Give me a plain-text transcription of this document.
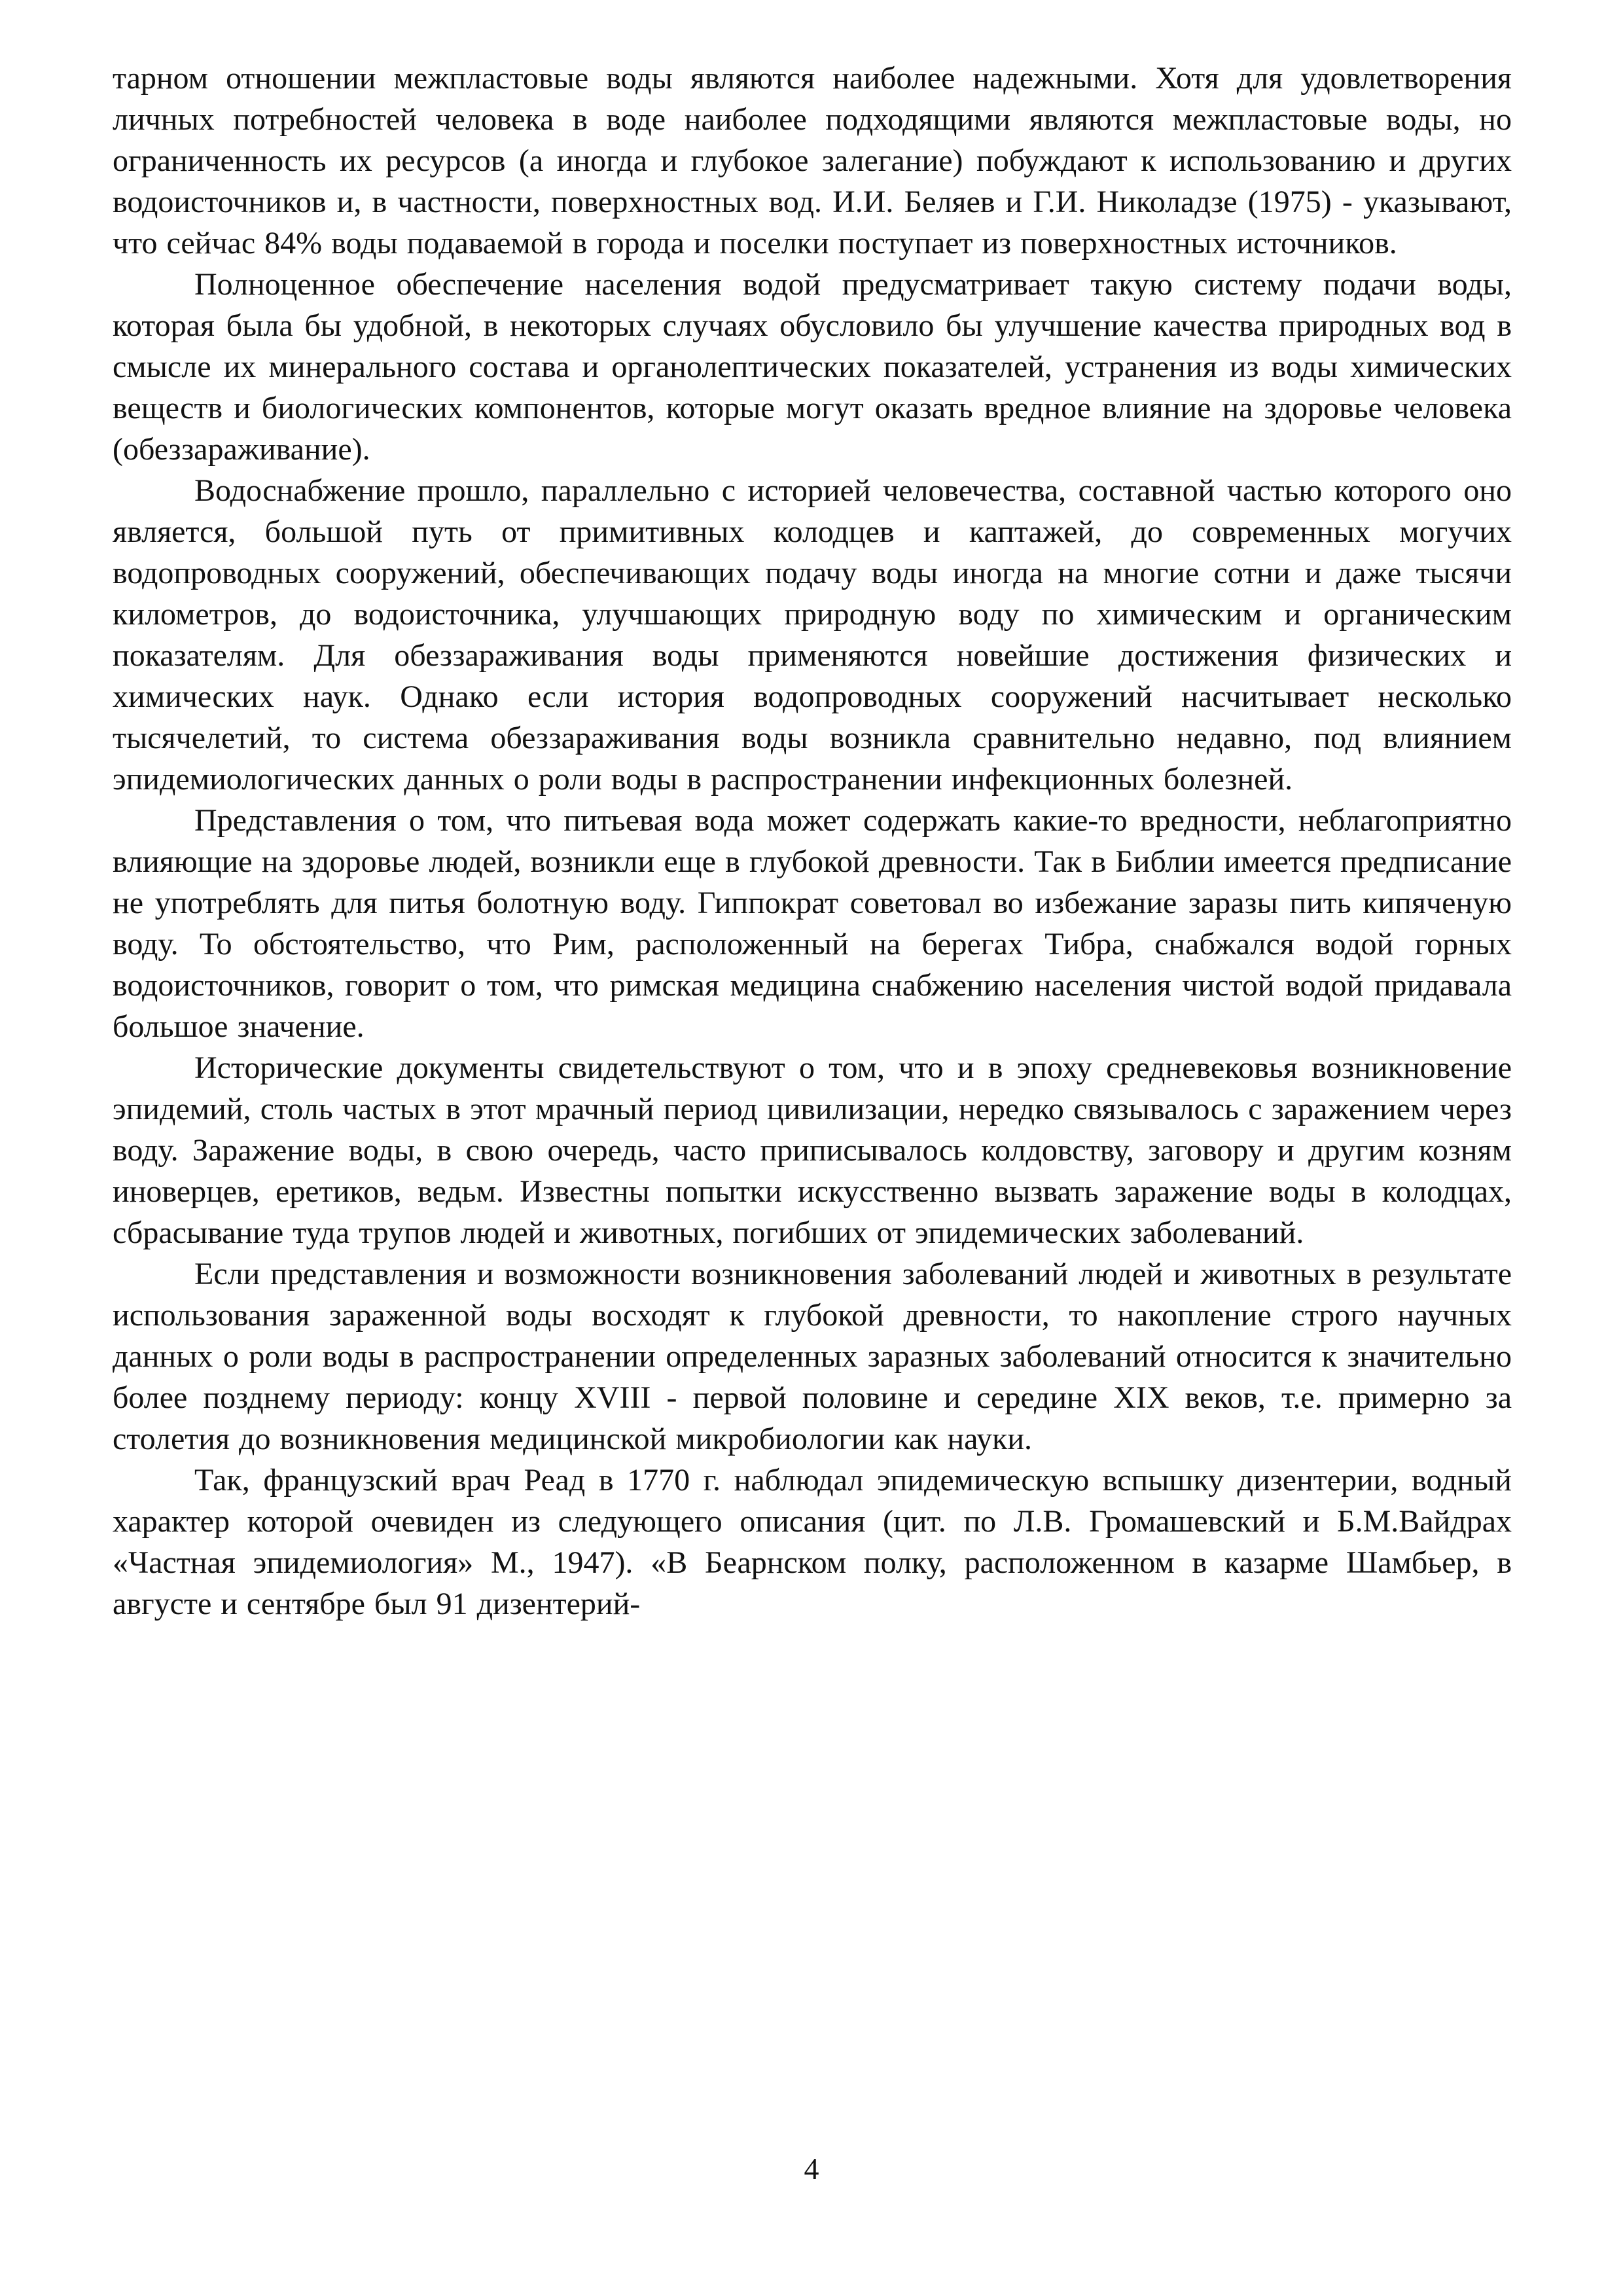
тарном отношении межпластовые воды являются наиболее надежными. Хотя для удовлетворения личных потребностей человека в воде наиболее подходящими являются межпластовые воды, но ограниченность их ресурсов (а иногда и глубокое залегание) побуждают к использованию и других водоисточников и, в частности, поверхностных вод. И.И. Беляев и Г.И. Николадзе (1975) - указывают, что сейчас 84% воды подаваемой в города и поселки поступает из поверхностных источников.

Полноценное обеспечение населения водой предусматривает такую систему подачи воды, которая была бы удобной, в некоторых случаях обусловило бы улучшение качества природных вод в смысле их минерального состава и органолептических показателей, устранения из воды химических веществ и биологических компонентов, которые могут оказать вредное влияние на здоровье человека (обеззараживание).

Водоснабжение прошло, параллельно с историей человечества, составной частью которого оно является, большой путь от примитивных колодцев и каптажей, до современных могучих водопроводных сооружений, обеспечивающих подачу воды иногда на многие сотни и даже тысячи километров, до водоисточника, улучшающих природную воду по химическим и органическим показателям. Для обеззараживания воды применяются новейшие достижения физических и химических наук. Однако если история водопроводных сооружений насчитывает несколько тысячелетий, то система обеззараживания воды возникла сравнительно недавно, под влиянием эпидемиологических данных о роли воды в распространении инфекционных болезней.

Представления о том, что питьевая вода может содержать какие-то вредности, неблагоприятно влияющие на здоровье людей, возникли еще в глубокой древности. Так в Библии имеется предписание не употреблять для питья болотную воду. Гиппократ советовал во избежание заразы пить кипяченую воду. То обстоятельство, что Рим, расположенный на берегах Тибра, снабжался водой горных водоисточников, говорит о том, что римская медицина снабжению населения чистой водой придавала большое значение.

Исторические документы свидетельствуют о том, что и в эпоху средневековья возникновение эпидемий, столь частых в этот мрачный период цивилизации, нередко связывалось с заражением через воду. Заражение воды, в свою очередь, часто приписывалось колдовству, заговору и другим козням иноверцев, еретиков, ведьм. Известны попытки искусственно вызвать заражение воды в колодцах, сбрасывание туда трупов людей и животных, погибших от эпидемических заболеваний.

Если представления и возможности возникновения заболеваний людей и животных в результате использования зараженной воды восходят к глубокой древности, то накопление строго научных данных о роли воды в распространении определенных заразных заболеваний относится к значительно более позднему периоду: концу XVIII - первой половине и середине XIX веков, т.е. примерно за столетия до возникновения медицинской микробиологии как науки.

Так, французский врач Реад в 1770 г. наблюдал эпидемическую вспышку дизентерии, водный характер которой очевиден из следующего описания (цит. по Л.В. Громашевский и Б.М.Вайдрах «Частная эпидемиология» М., 1947). «В Беарнском полку, расположенном в казарме Шамбьер, в августе и сентябре был 91 дизентерий-

4
